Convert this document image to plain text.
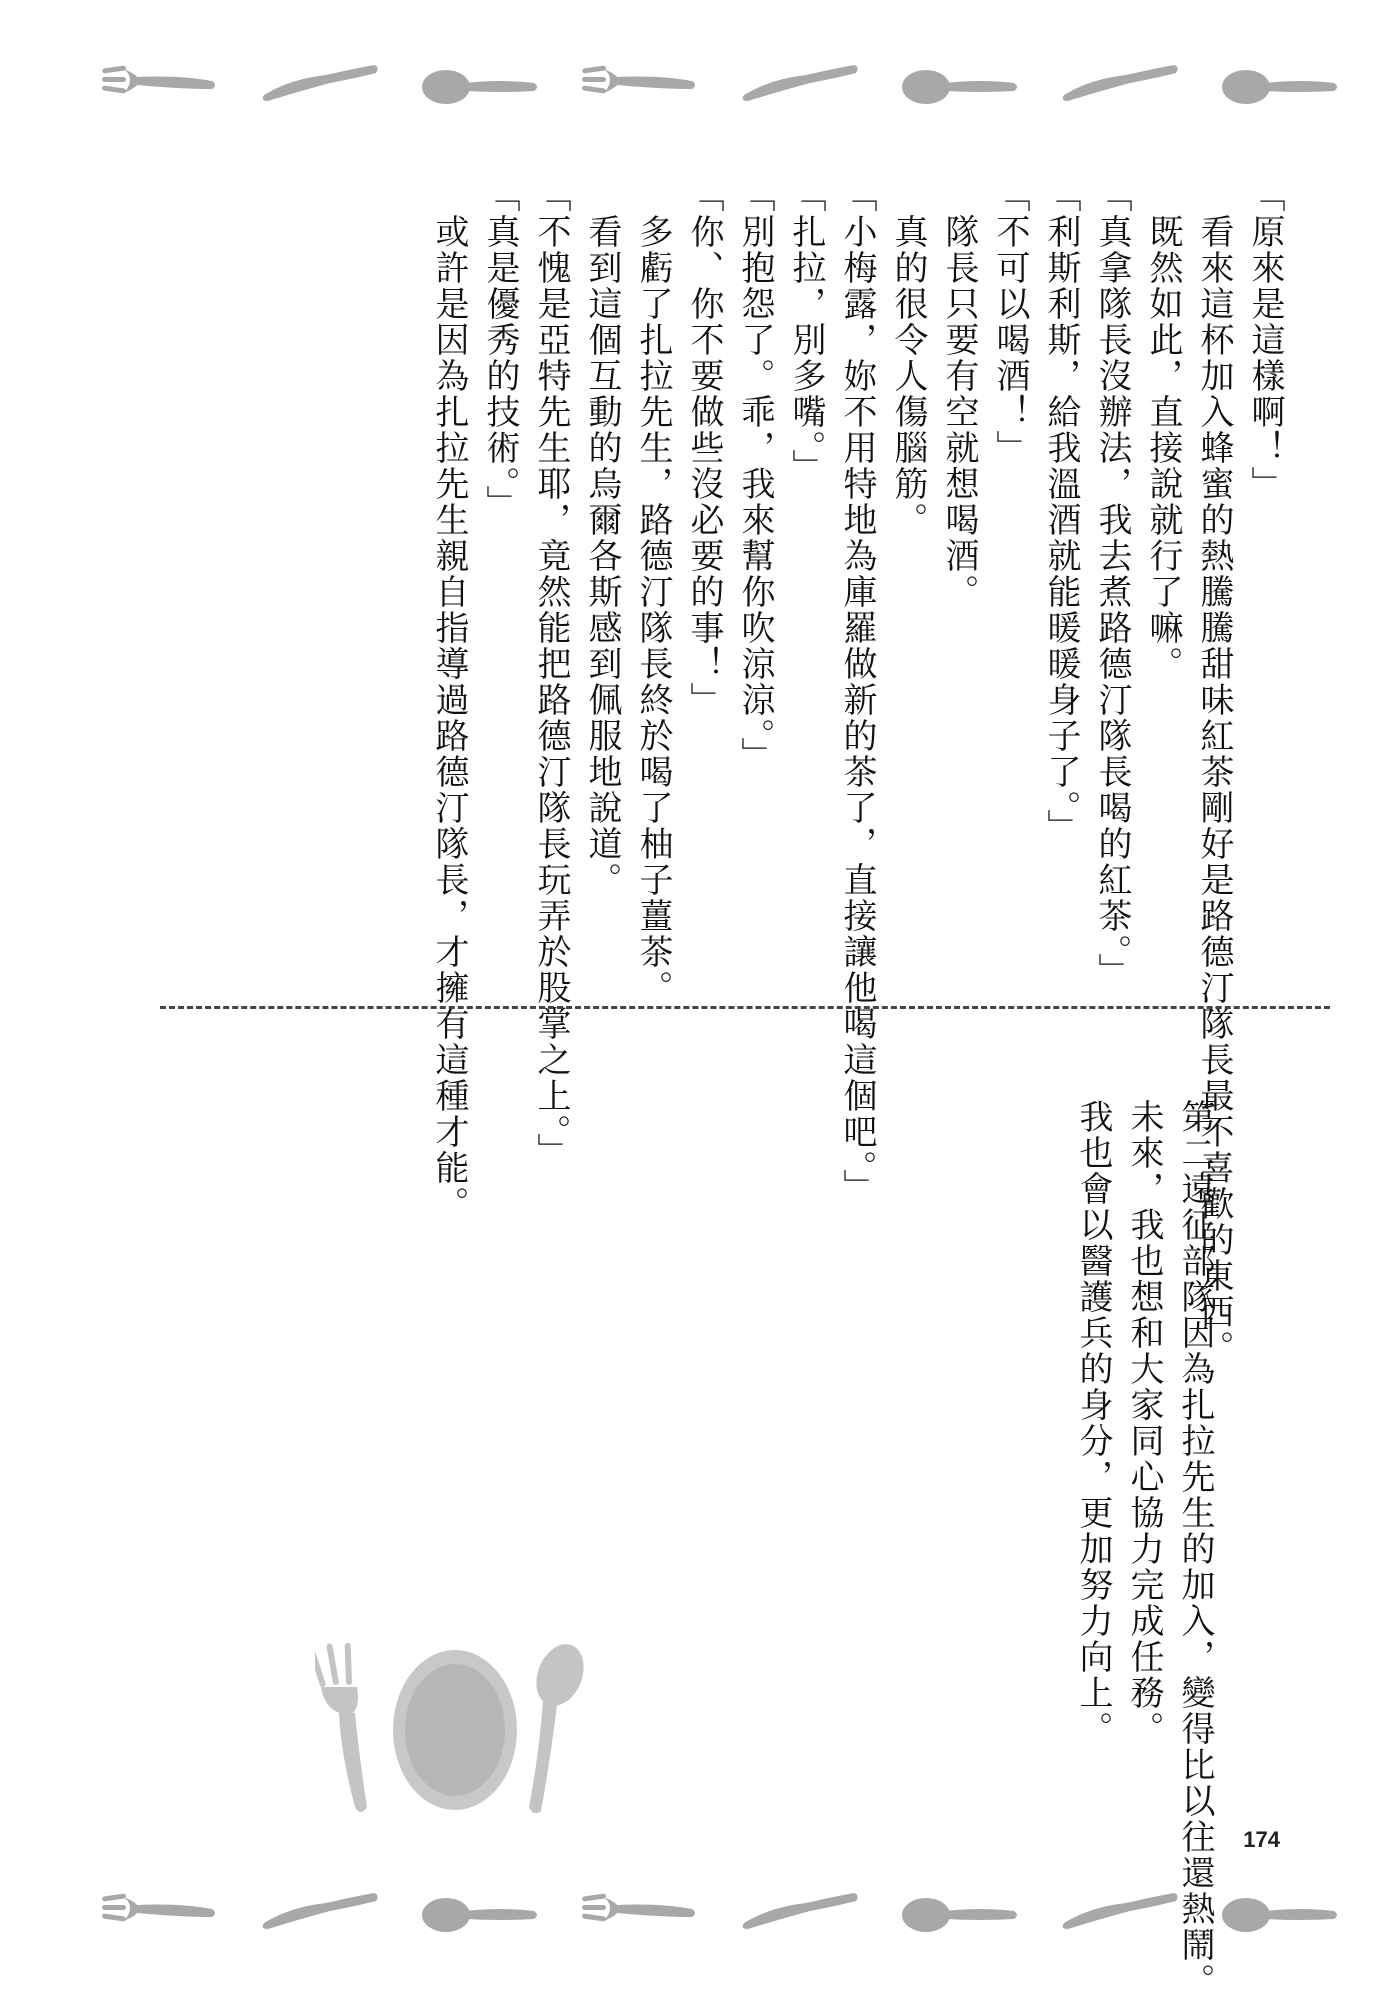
「原來是這樣啊！」

　看來這杯加入蜂蜜的熱騰騰甜味紅茶剛好是路德汀隊長最不喜歡的東西。

　既然如此，直接說就行了嘛。

「真拿隊長沒辦法，我去煮路德汀隊長喝的紅茶。」

「利斯利斯，給我溫酒就能暖暖身子了。」

「不可以喝酒！」

　隊長只要有空就想喝酒。

　真的很令人傷腦筋。

「小梅露，妳不用特地為庫羅做新的茶了，直接讓他喝這個吧。」

「扎拉，別多嘴。」

「別抱怨了。乖，我來幫你吹涼涼。」

「你、你不要做些沒必要的事！」

　多虧了扎拉先生，路德汀隊長終於喝了柚子薑茶。

　看到這個互動的烏爾各斯感到佩服地說道。

「不愧是亞特先生耶，竟然能把路德汀隊長玩弄於股掌之上。」

「真是優秀的技術。」

　或許是因為扎拉先生親自指導過路德汀隊長，才擁有這種才能。

　第二遠征部隊因為扎拉先生的加入，變得比以往還熱鬧。

　未來，我也想和大家同心協力完成任務。

　我也會以醫護兵的身分，更加努力向上。

174
